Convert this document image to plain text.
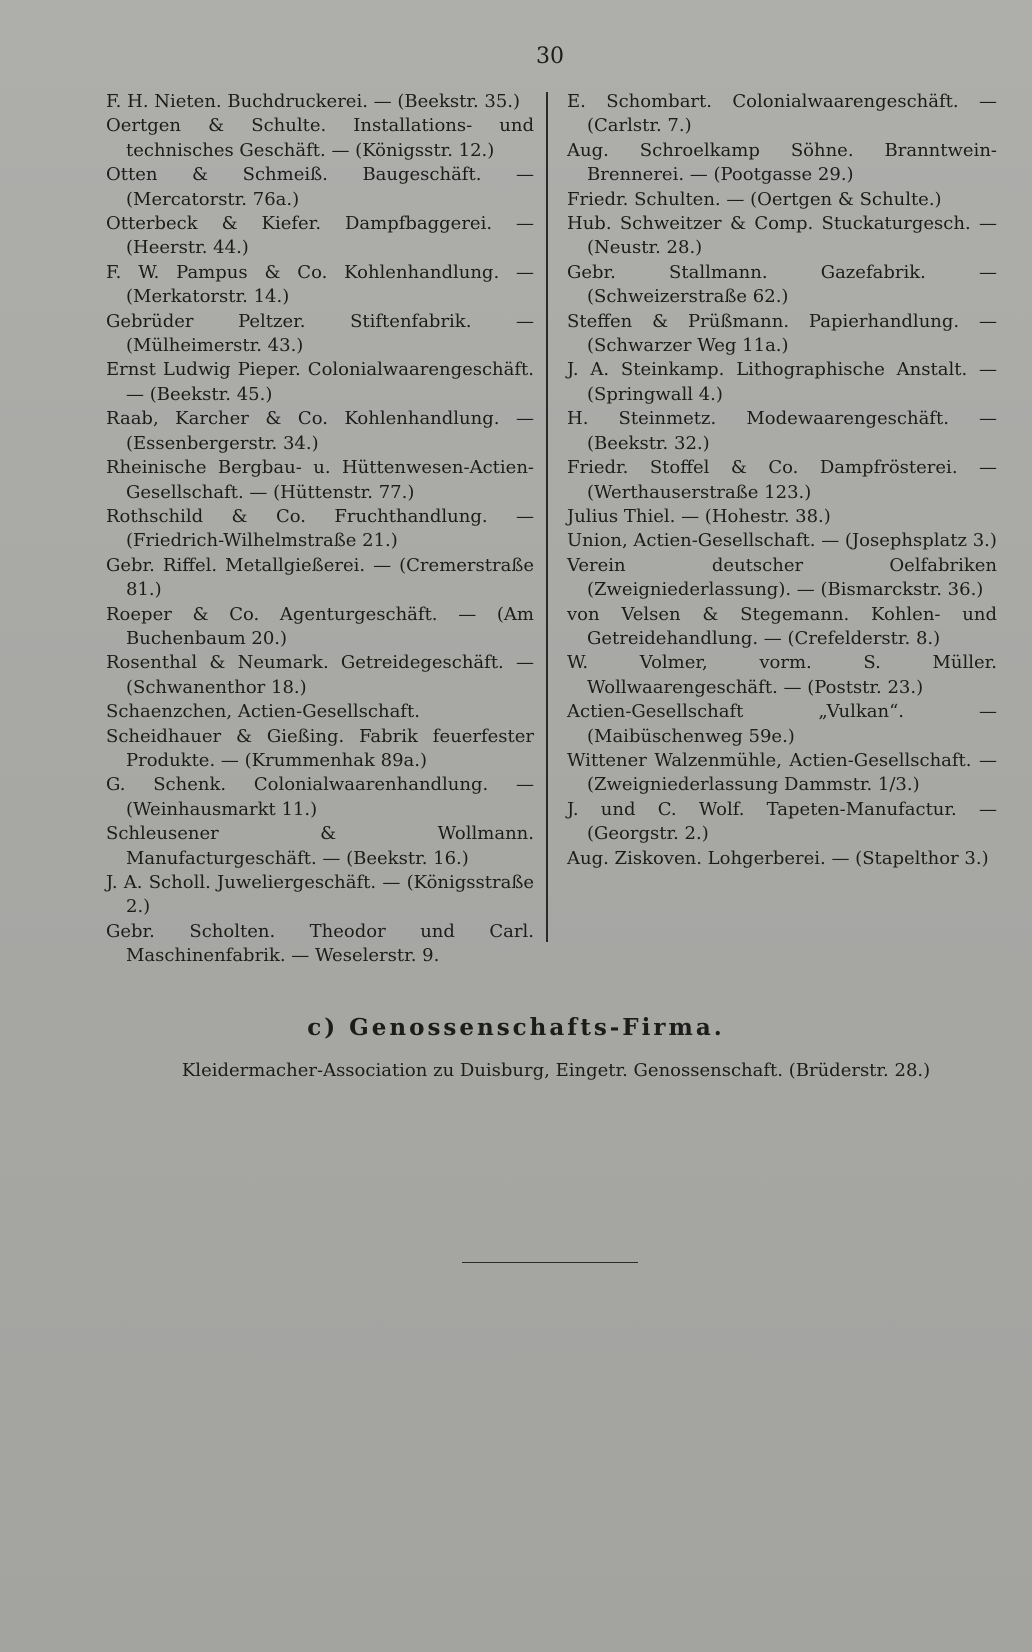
30

F. H. Nieten. Buchdruckerei. — (Beekstr. 35.)

Oertgen & Schulte. Installations- und technisches Geschäft. — (Königsstr. 12.)

Otten & Schmeiß. Baugeschäft. — (Mercatorstr. 76a.)

Otterbeck & Kiefer. Dampfbaggerei. — (Heerstr. 44.)

F. W. Pampus & Co. Kohlenhandlung. — (Merkatorstr. 14.)

Gebrüder Peltzer. Stiftenfabrik. — (Mülheimerstr. 43.)

Ernst Ludwig Pieper. Colonialwaarengeschäft. — (Beekstr. 45.)

Raab, Karcher & Co. Kohlenhandlung. — (Essenbergerstr. 34.)

Rheinische Bergbau- u. Hüttenwesen-Actien-Gesellschaft. — (Hüttenstr. 77.)

Rothschild & Co. Fruchthandlung. — (Friedrich-Wilhelmstraße 21.)

Gebr. Riffel. Metallgießerei. — (Cremerstraße 81.)

Roeper & Co. Agenturgeschäft. — (Am Buchenbaum 20.)

Rosenthal & Neumark. Getreidegeschäft. — (Schwanenthor 18.)

Schaenzchen, Actien-Gesellschaft.

Scheidhauer & Gießing. Fabrik feuerfester Produkte. — (Krummenhak 89a.)

G. Schenk. Colonialwaarenhandlung. — (Weinhausmarkt 11.)

Schleusener & Wollmann. Manufacturgeschäft. — (Beekstr. 16.)

J. A. Scholl. Juweliergeschäft. — (Königsstraße 2.)

Gebr. Scholten. Theodor und Carl. Maschinenfabrik. — Weselerstr. 9.

E. Schombart. Colonialwaarengeschäft. — (Carlstr. 7.)

Aug. Schroelkamp Söhne. Branntwein-Brennerei. — (Pootgasse 29.)

Friedr. Schulten. — (Oertgen & Schulte.)

Hub. Schweitzer & Comp. Stuckaturgesch. — (Neustr. 28.)

Gebr. Stallmann. Gazefabrik. — (Schweizerstraße 62.)

Steffen & Prüßmann. Papierhandlung. — (Schwarzer Weg 11a.)

J. A. Steinkamp. Lithographische Anstalt. — (Springwall 4.)

H. Steinmetz. Modewaarengeschäft. — (Beekstr. 32.)

Friedr. Stoffel & Co. Dampfrösterei. — (Werthauserstraße 123.)

Julius Thiel. — (Hohestr. 38.)

Union, Actien-Gesellschaft. — (Josephsplatz 3.)

Verein deutscher Oelfabriken (Zweigniederlassung). — (Bismarckstr. 36.)

von Velsen & Stegemann. Kohlen- und Getreidehandlung. — (Crefelderstr. 8.)

W. Volmer, vorm. S. Müller. Wollwaarengeschäft. — (Poststr. 23.)

Actien-Gesellschaft „Vulkan“. — (Maibüschenweg 59e.)

Wittener Walzenmühle, Actien-Gesellschaft. — (Zweigniederlassung Dammstr. 1/3.)

J. und C. Wolf. Tapeten-Manufactur. — (Georgstr. 2.)

Aug. Ziskoven. Lohgerberei. — (Stapelthor 3.)

c) Genossenschafts-Firma.
Kleidermacher-Association zu Duisburg, Eingetr. Genossenschaft. (Brüderstr. 28.)
